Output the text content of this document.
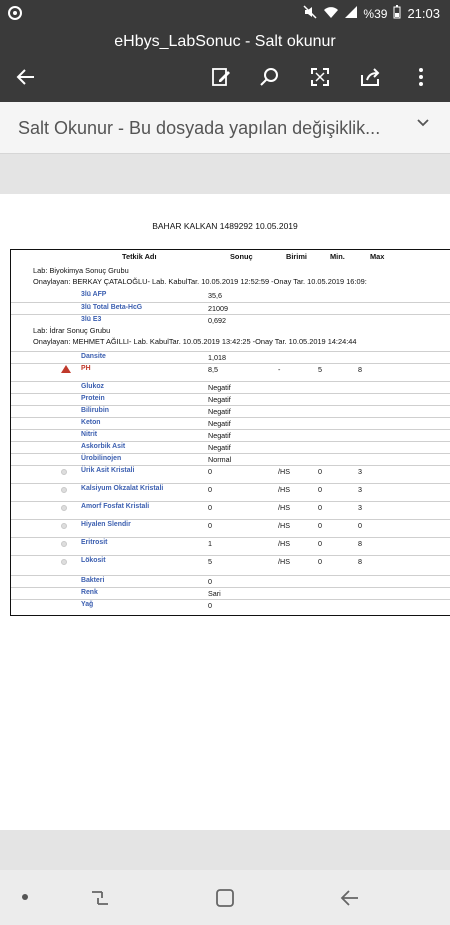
%39 21:03
eHbys_LabSonuc - Salt okunur
Salt Okunur - Bu dosyada yapılan değişiklik...
BAHAR KALKAN 1489292 10.05.2019
Tetkik Adı	Sonuç	Birimi	Min.	Max
Lab: Biyokimya Sonuç Grubu
Onaylayan: BERKAY ÇATALOĞLU- Lab. KabulTar. 10.05.2019 12:52:59 -Onay Tar. 10.05.2019 16:09:
3lü AFP	35,6
3lü Total Beta-HcG	21009
3lü E3	0,692
Lab: İdrar Sonuç Grubu
Onaylayan: MEHMET AĞILLI- Lab. KabulTar. 10.05.2019 13:42:25 -Onay Tar. 10.05.2019 14:24:44
Dansite	1,018
PH	8,5	-	5	8
Glukoz	Negatif
Protein	Negatif
Bilirubin	Negatif
Keton	Negatif
Nitrit	Negatif
Askorbik Asit	Negatif
Ürobilinojen	Normal
Ürik Asit Kristali	0	/HS	0	3
Kalsiyum Okzalat Kristali	0	/HS	0	3
Amorf Fosfat Kristali	0	/HS	0	3
Hiyalen Slendir	0	/HS	0	0
Eritrosit	1	/HS	0	8
Lökosit	5	/HS	0	8
Bakteri	0
Renk	Sari
Yağ	0
